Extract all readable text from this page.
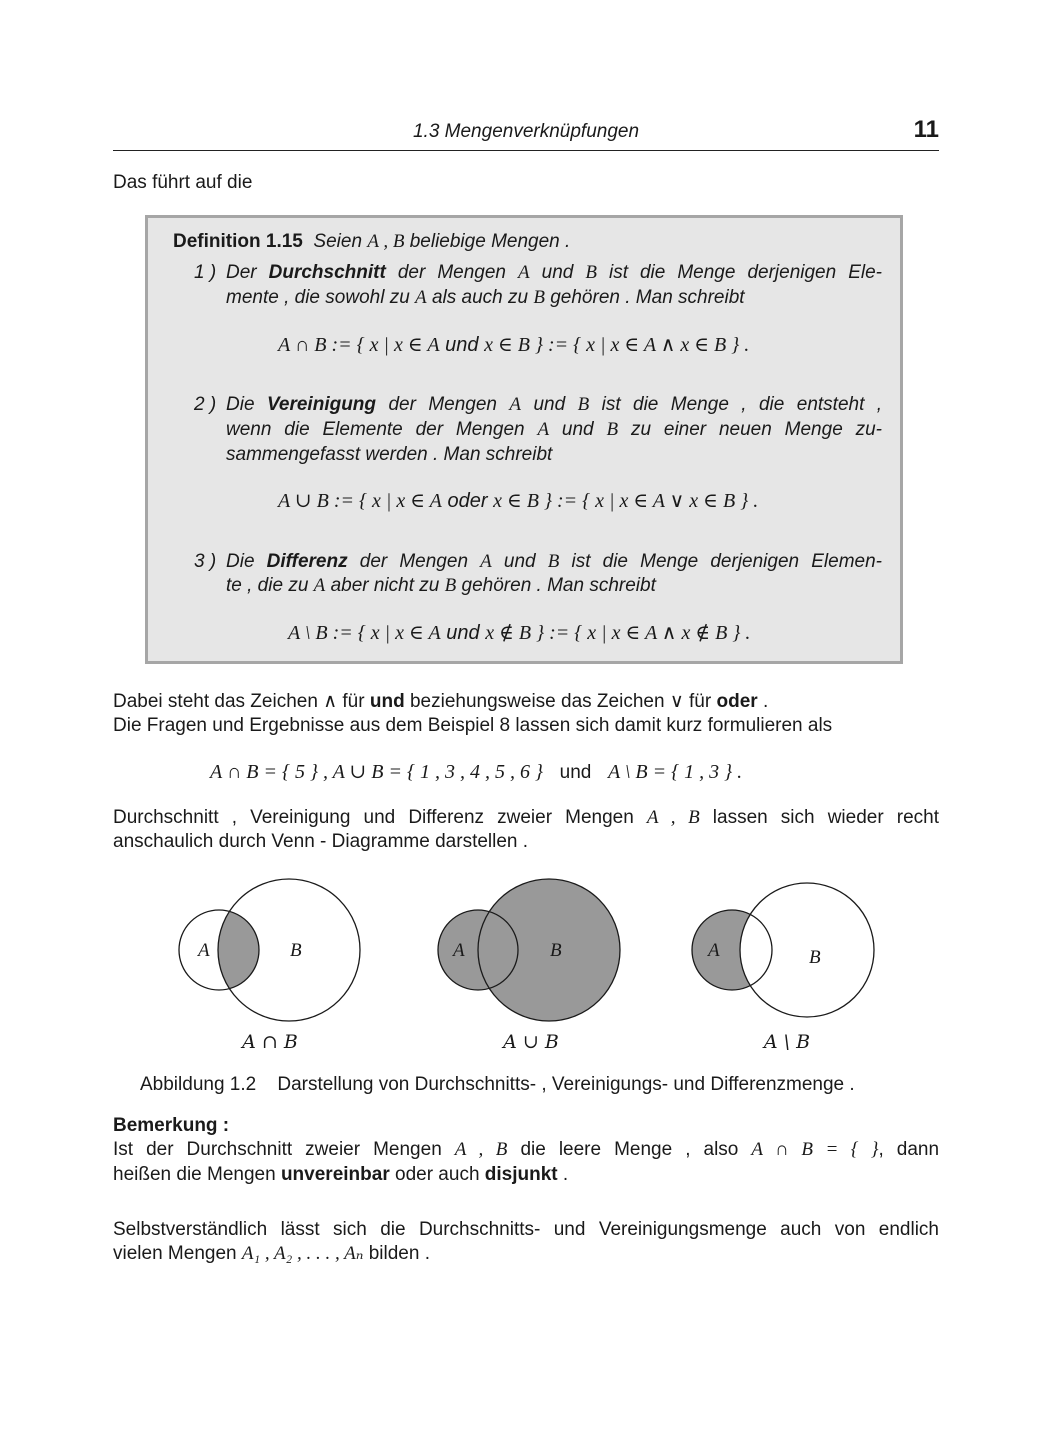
1.3 Mengenverknüpfungen	11
Das führt auf die
Definition 1.15 Seien A , B beliebige Mengen .
1 ) Der Durchschnitt der Mengen A und B ist die Menge derjenigen Ele-
mente , die sowohl zu A als auch zu B gehören . Man schreibt
A ∩ B := { x | x ∈ A und x ∈ B } := { x | x ∈ A ∧ x ∈ B } .
2 ) Die Vereinigung der Mengen A und B ist die Menge , die entsteht ,
wenn die Elemente der Mengen A und B zu einer neuen Menge zu-
sammengefasst werden . Man schreibt
A ∪ B := { x | x ∈ A oder x ∈ B } := { x | x ∈ A ∨ x ∈ B } .
3 ) Die Differenz der Mengen A und B ist die Menge derjenigen Elemen-
te , die zu A aber nicht zu B gehören . Man schreibt
A \ B := { x | x ∈ A und x ∉ B } := { x | x ∈ A ∧ x ∉ B } .
Dabei steht das Zeichen ∧ für und beziehungsweise das Zeichen ∨ für oder .
Die Fragen und Ergebnisse aus dem Beispiel 8 lassen sich damit kurz formulieren als
A ∩ B = { 5 } , A ∪ B = { 1 , 3 , 4 , 5 , 6 } und A \ B = { 1 , 3 } .
Durchschnitt , Vereinigung und Differenz zweier Mengen A , B lassen sich wieder recht
anschaulich durch Venn - Diagramme darstellen .
A	B
A ∩ B
A	B
A ∪ B
A	B
A \ B
Abbildung 1.2 Darstellung von Durchschnitts- , Vereinigungs- und Differenzmenge .
Bemerkung :
Ist der Durchschnitt zweier Mengen A , B die leere Menge , also A ∩ B = { }, dann
heißen die Mengen unvereinbar oder auch disjunkt .
Selbstverständlich lässt sich die Durchschnitts- und Vereinigungsmenge auch von endlich
vielen Mengen A₁ , A₂ , . . . , Aₙ bilden .
